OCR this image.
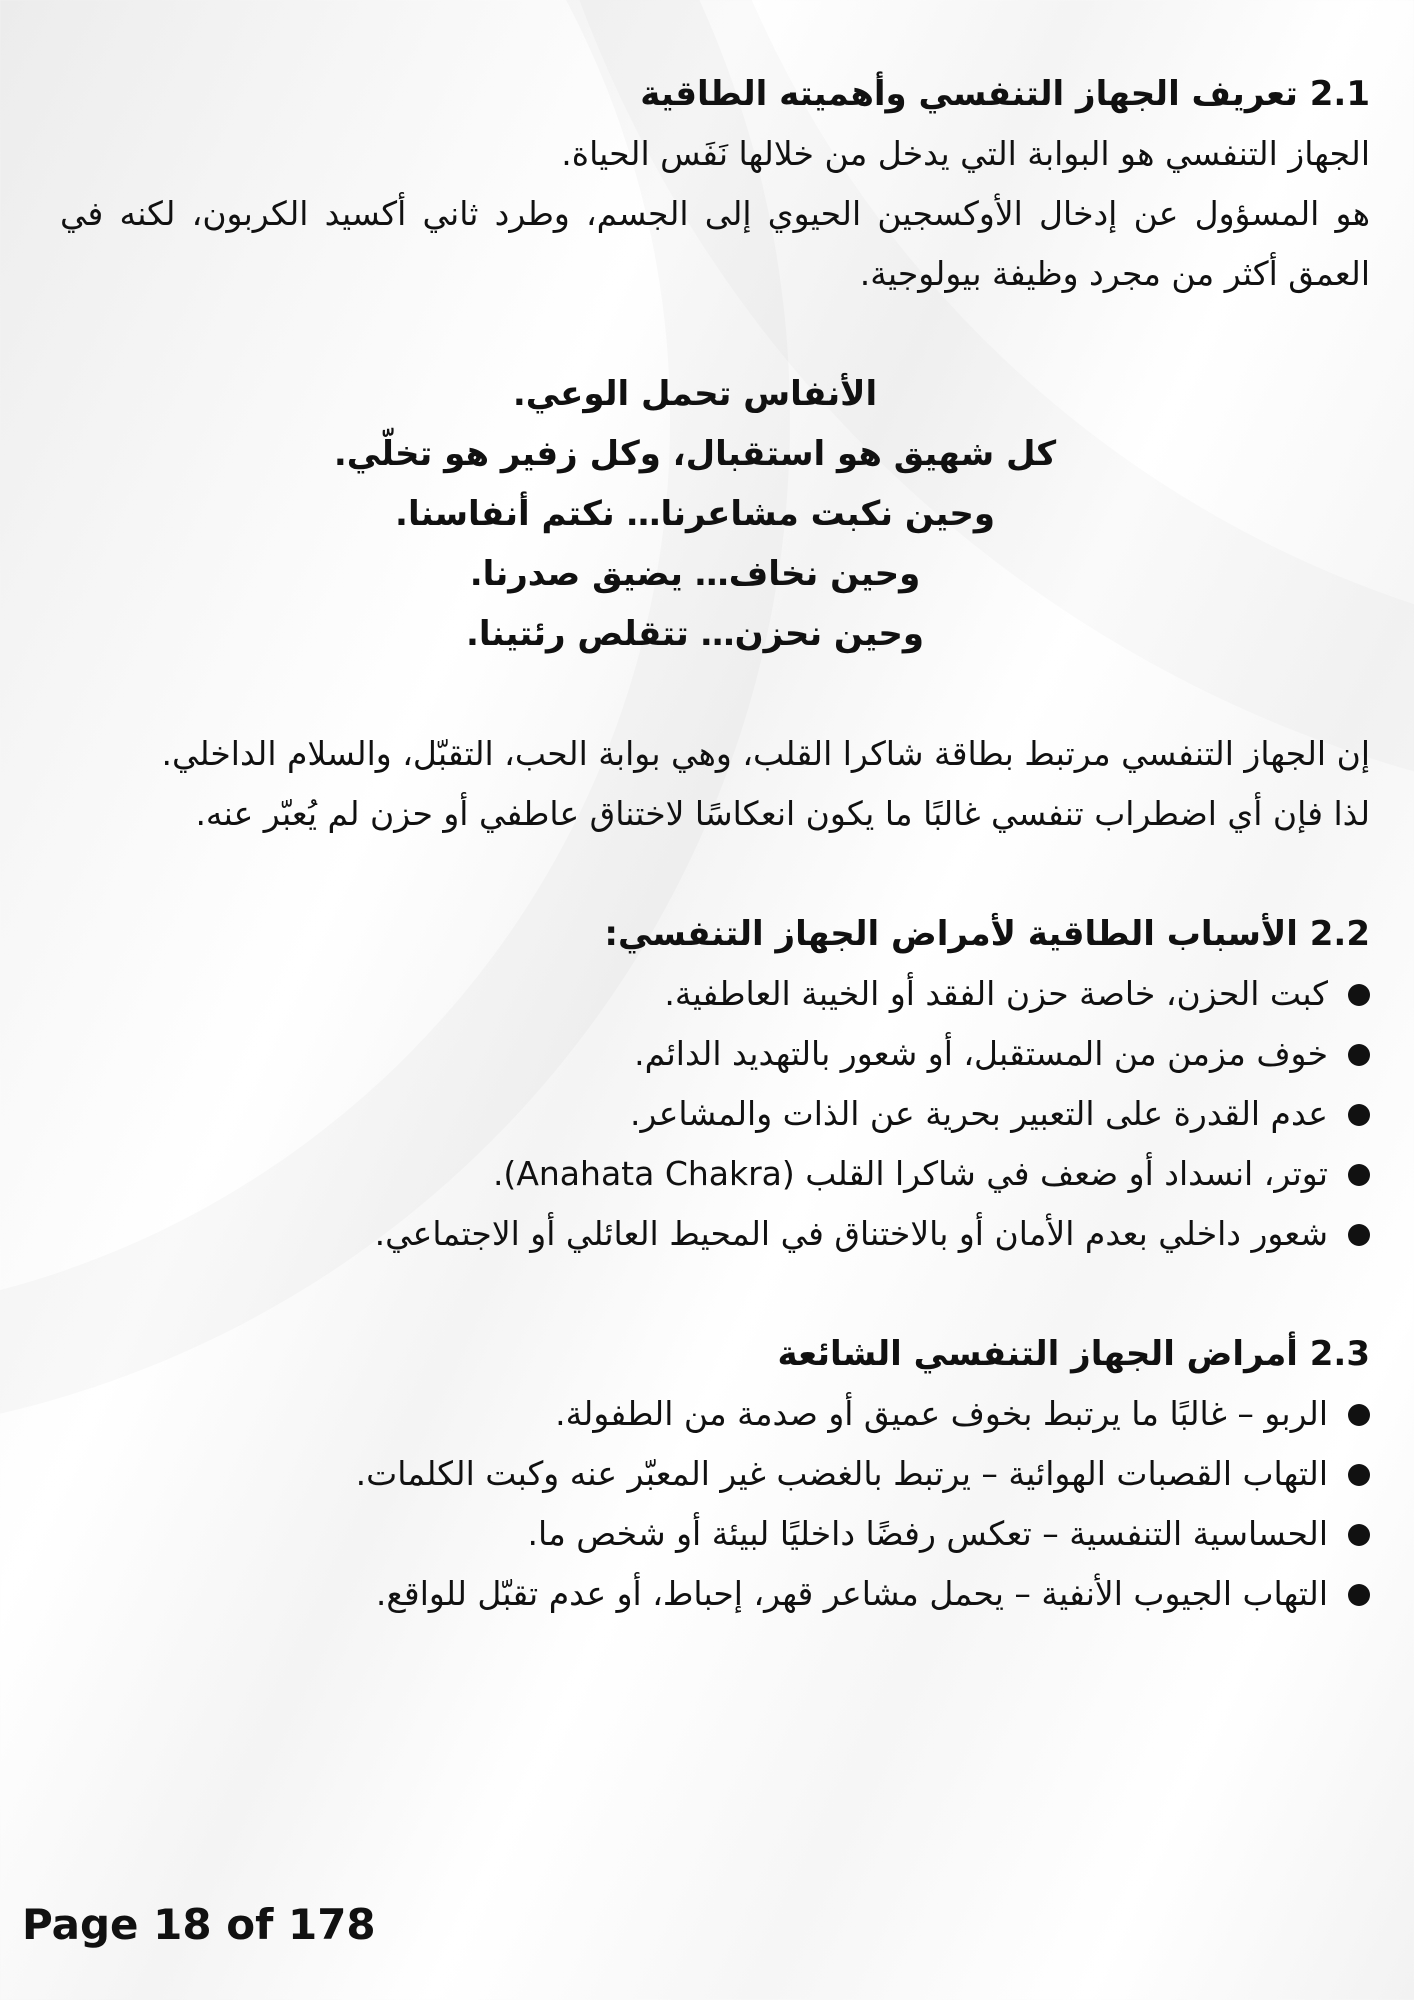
2.1 تعريف الجهاز التنفسي وأهميته الطاقية

الجهاز التنفسي هو البوابة التي يدخل من خلالها نَفَس الحياة.

هو المسؤول عن إدخال الأوكسجين الحيوي إلى الجسم، وطرد ثاني أكسيد الكربون، لكنه في العمق أكثر من مجرد وظيفة بيولوجية.

الأنفاس تحمل الوعي.
كل شهيق هو استقبال، وكل زفير هو تخلّي.
وحين نكبت مشاعرنا… نكتم أنفاسنا.
وحين نخاف… يضيق صدرنا.
وحين نحزن… تتقلص رئتينا.

إن الجهاز التنفسي مرتبط بطاقة شاكرا القلب، وهي بوابة الحب، التقبّل، والسلام الداخلي.

لذا فإن أي اضطراب تنفسي غالبًا ما يكون انعكاسًا لاختناق عاطفي أو حزن لم يُعبّر عنه.

2.2 الأسباب الطاقية لأمراض الجهاز التنفسي:
كبت الحزن، خاصة حزن الفقد أو الخيبة العاطفية.
خوف مزمن من المستقبل، أو شعور بالتهديد الدائم.
عدم القدرة على التعبير بحرية عن الذات والمشاعر.
توتر، انسداد أو ضعف في شاكرا القلب (Anahata Chakra).
شعور داخلي بعدم الأمان أو بالاختناق في المحيط العائلي أو الاجتماعي.
2.3 أمراض الجهاز التنفسي الشائعة
الربو – غالبًا ما يرتبط بخوف عميق أو صدمة من الطفولة.
التهاب القصبات الهوائية – يرتبط بالغضب غير المعبّر عنه وكبت الكلمات.
الحساسية التنفسية – تعكس رفضًا داخليًا لبيئة أو شخص ما.
التهاب الجيوب الأنفية – يحمل مشاعر قهر، إحباط، أو عدم تقبّل للواقع.
Page 18 of 178
